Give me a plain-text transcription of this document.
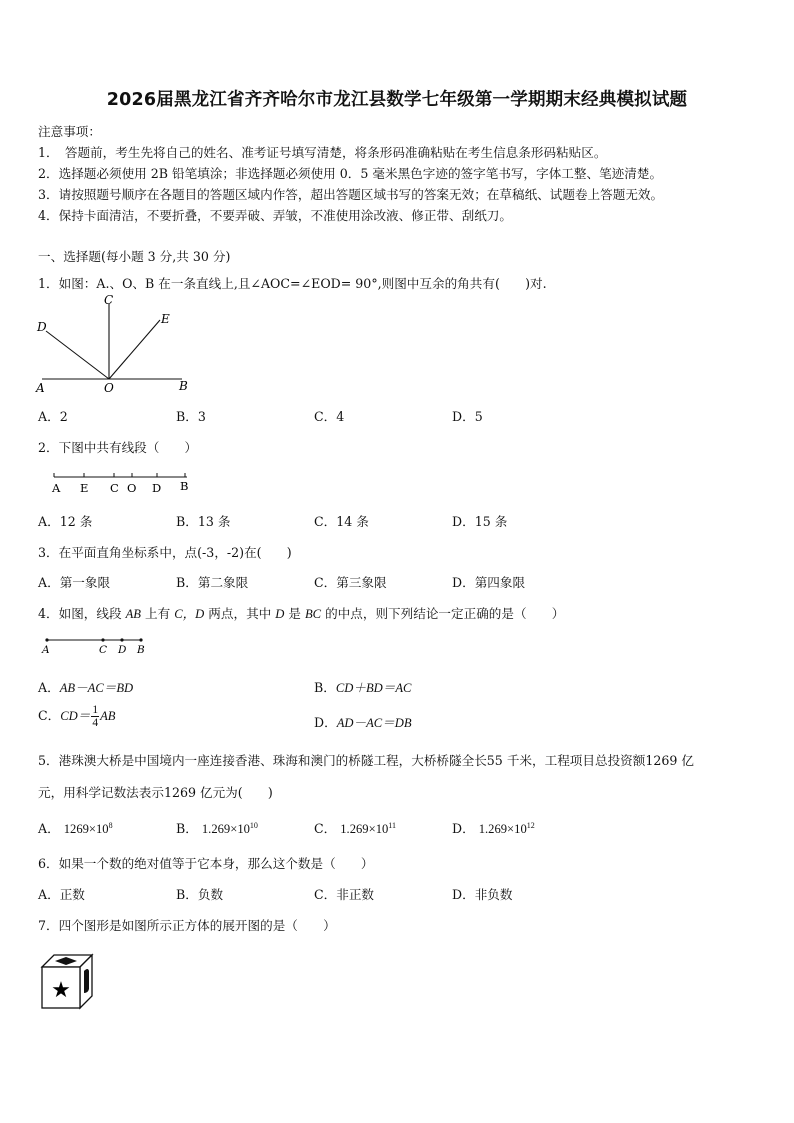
2026届黑龙江省齐齐哈尔市龙江县数学七年级第一学期期末经典模拟试题
注意事项：
1．　答题前，考生先将自己的姓名、准考证号填写清楚，将条形码准确粘贴在考生信息条形码粘贴区。
2．选择题必须使用 2B 铅笔填涂；非选择题必须使用 0．5 毫米黑色字迹的签字笔书写，字体工整、笔迹清楚。
3．请按照题号顺序在各题目的答题区域内作答，超出答题区域书写的答案无效；在草稿纸、试题卷上答题无效。
4．保持卡面清洁，不要折叠，不要弄破、弄皱，不准使用涂改液、修正带、刮纸刀。
一、选择题(每小题 3 分,共 30 分)
1．如图：A.、O、B 在一条直线上,且∠AOC=∠EOD= 90°,则图中互余的角共有(　　)对.
A	O	B
C
D
E
A．2	B．3	C．4	D．5
2．下图中共有线段（　　）
A E C O D B
A．12 条	B．13 条	C．14 条	D．15 条
3．在平面直角坐标系中，点(-3，-2)在(　　)
A．第一象限	B．第二象限	C．第三象限	D．第四象限
4．如图，线段 AB 上有 C，D 两点，其中 D 是 BC 的中点，则下列结论一定正确的是（　　）
A	C D B
A．AB－AC＝BD	B．CD＋BD＝AC
C．$CD= \frac{1}{4}$ AB	D．AD－AC＝DB
5．港珠澳大桥是中国境内一座连接香港、珠海和澳门的桥隧工程，大桥桥隧全长55 千米，工程项目总投资额1269 亿
元，用科学记数法表示1269 亿元为(　　)
A． $1269\times 10^8$	B． $1.269\times 10^{10}$	C． $1.269\times 10^{11}$	D． $1.269\times 10^{12}$
6．如果一个数的绝对值等于它本身，那么这个数是（　　）
A．正数	B．负数	C．非正数	D．非负数
7．四个图形是如图所示正方体的展开图的是（　　）
★
